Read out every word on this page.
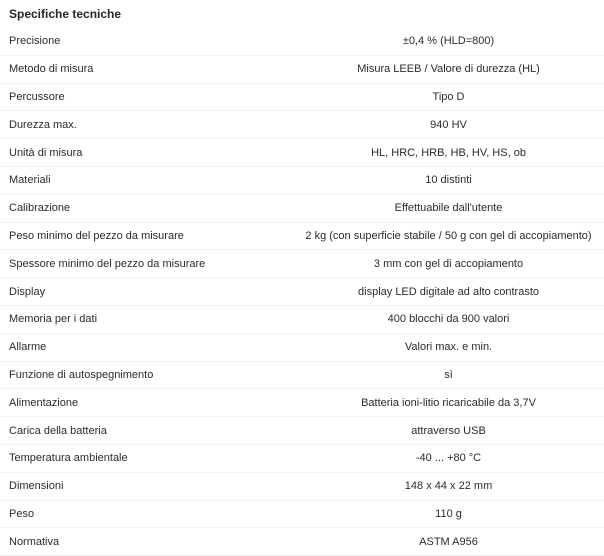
Specifiche tecniche
Precisione	±0,4 % (HLD=800)
Metodo di misura	Misura LEEB / Valore di durezza (HL)
Percussore	Tipo D
Durezza max.	940 HV
Unità di misura	HL, HRC, HRB, HB, HV, HS, ob
Materiali	10 distinti
Calibrazione	Effettuabile dall'utente
Peso minimo del pezzo da misurare	2 kg (con superficie stabile / 50 g con gel di accopiamento)
Spessore minimo del pezzo da misurare	3 mm con gel di accopiamento
Display	display LED digitale ad alto contrasto
Memoria per i dati	400 blocchi da 900 valori
Allarme	Valori max. e min.
Funzione di autospegnimento	sì
Alimentazione	Batteria ioni-litio ricaricabile da 3,7V
Carica della batteria	attraverso USB
Temperatura ambientale	-40 ... +80 °C
Dimensioni	148 x 44 x 22 mm
Peso	110 g
Normativa	ASTM A956
